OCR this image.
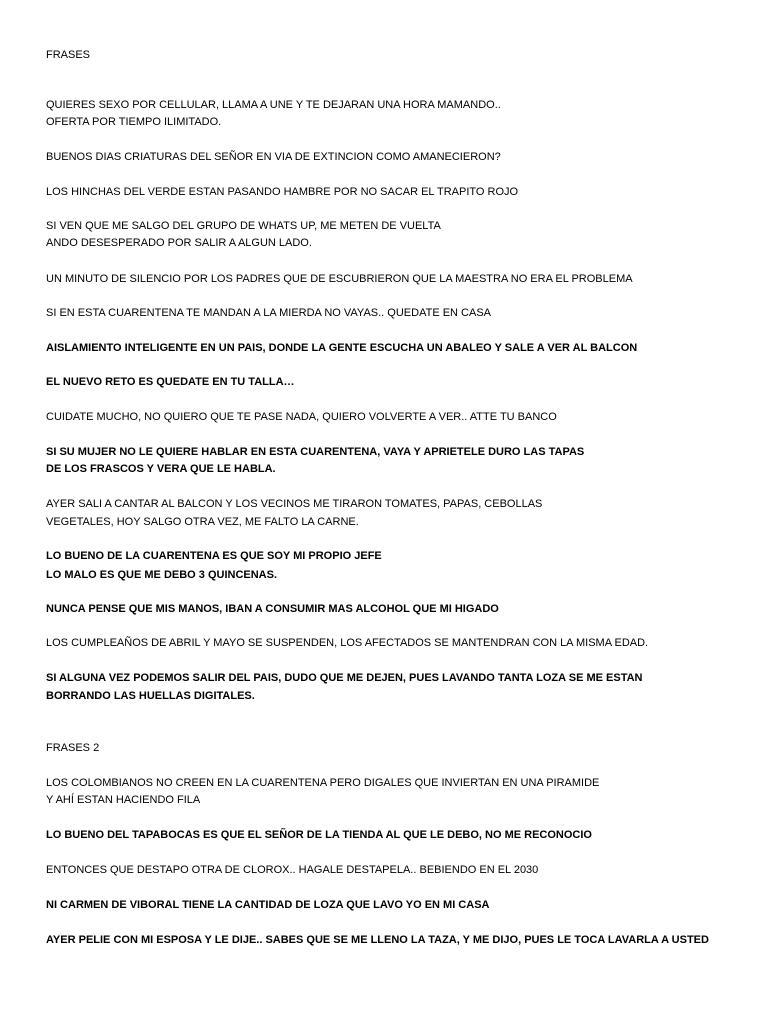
FRASES
QUIERES SEXO POR CELLULAR, LLAMA A UNE Y TE DEJARAN UNA HORA MAMANDO..
OFERTA POR TIEMPO ILIMITADO.
BUENOS DIAS CRIATURAS DEL SEÑOR EN VIA DE EXTINCION COMO AMANECIERON?
LOS HINCHAS DEL VERDE ESTAN PASANDO HAMBRE POR NO SACAR EL TRAPITO ROJO
SI VEN QUE ME SALGO DEL GRUPO DE WHATS UP, ME METEN DE VUELTA
ANDO DESESPERADO POR SALIR A ALGUN LADO.
UN MINUTO DE SILENCIO POR LOS PADRES QUE DE ESCUBRIERON QUE LA MAESTRA NO ERA EL PROBLEMA
SI EN ESTA CUARENTENA TE MANDAN A LA MIERDA NO VAYAS.. QUEDATE EN CASA
AISLAMIENTO INTELIGENTE EN UN PAIS, DONDE LA GENTE ESCUCHA UN ABALEO Y SALE A VER AL BALCON
EL NUEVO RETO ES QUEDATE EN TU TALLA…
CUIDATE MUCHO, NO QUIERO QUE TE PASE NADA, QUIERO VOLVERTE A VER.. ATTE TU BANCO
SI SU MUJER NO LE QUIERE HABLAR EN ESTA CUARENTENA, VAYA Y APRIETELE DURO LAS TAPAS
DE LOS FRASCOS Y VERA QUE LE HABLA.
AYER SALI A CANTAR AL BALCON Y LOS VECINOS ME TIRARON TOMATES, PAPAS, CEBOLLAS
VEGETALES, HOY SALGO OTRA VEZ, ME FALTO LA CARNE.
LO BUENO DE LA CUARENTENA ES QUE SOY MI PROPIO JEFE
LO MALO ES QUE ME DEBO 3 QUINCENAS.
NUNCA PENSE QUE MIS MANOS, IBAN A CONSUMIR MAS ALCOHOL QUE MI HIGADO
LOS CUMPLEAÑOS DE ABRIL Y MAYO SE SUSPENDEN, LOS AFECTADOS SE MANTENDRAN CON LA MISMA EDAD.
SI ALGUNA VEZ PODEMOS SALIR DEL PAIS, DUDO QUE ME DEJEN, PUES LAVANDO TANTA LOZA SE ME ESTAN
BORRANDO LAS HUELLAS DIGITALES.
FRASES 2
LOS COLOMBIANOS NO CREEN EN LA CUARENTENA PERO DIGALES QUE INVIERTAN EN UNA PIRAMIDE
Y AHÍ ESTAN HACIENDO FILA
LO BUENO DEL TAPABOCAS ES QUE EL SEÑOR DE LA TIENDA AL QUE LE DEBO, NO ME RECONOCIO
ENTONCES QUE DESTAPO OTRA DE CLOROX.. HAGALE DESTAPELA.. BEBIENDO EN EL 2030
NI CARMEN DE VIBORAL TIENE LA CANTIDAD DE LOZA QUE LAVO YO EN MI CASA
AYER PELIE CON MI ESPOSA Y LE DIJE.. SABES QUE SE ME LLENO LA TAZA, Y ME DIJO, PUES LE TOCA LAVARLA A USTED
